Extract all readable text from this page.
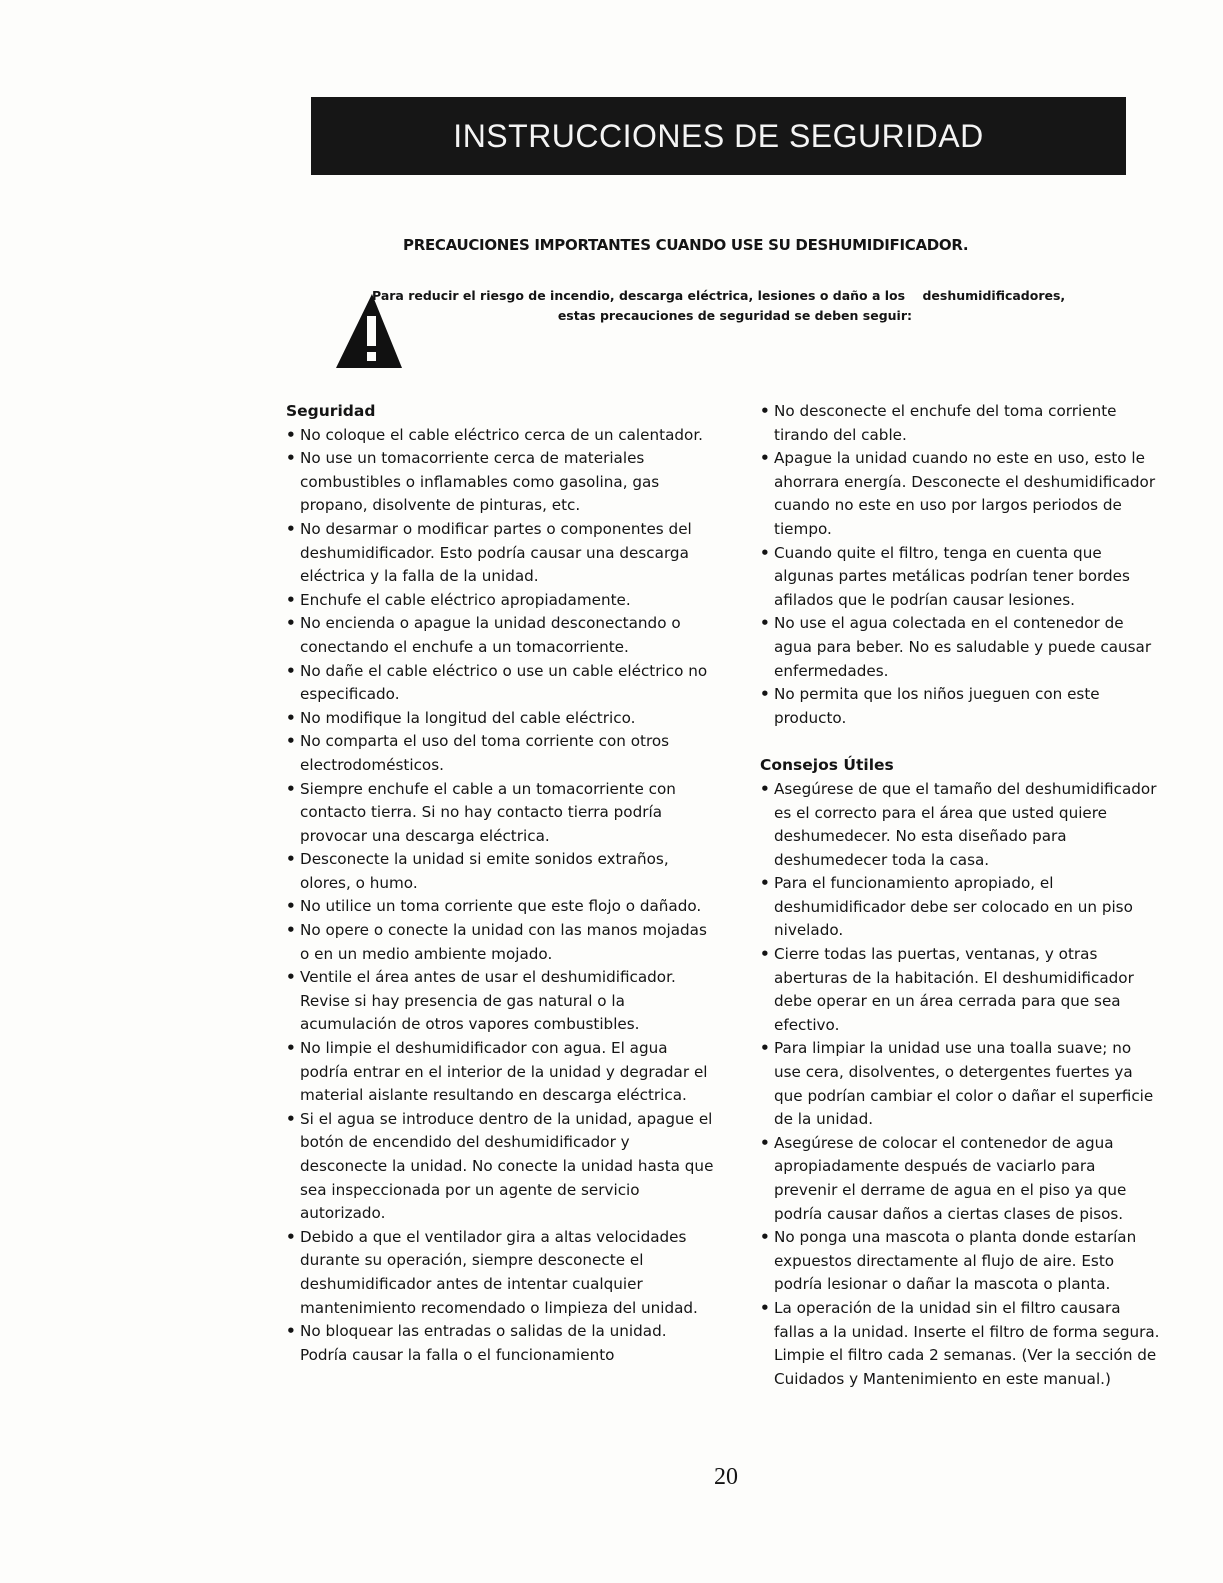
INSTRUCCIONES DE SEGURIDAD
PRECAUCIONES IMPORTANTES CUANDO USE SU DESHUMIDIFICADOR.
Para reducir el riesgo de incendio, descarga eléctrica, lesiones o daño a los    deshumidificadores,
estas precauciones de seguridad se deben seguir:

Seguridad

• No coloque el cable eléctrico cerca de un calentador.
• No use un tomacorriente cerca de materiales combustibles o inflamables como gasolina, gas propano, disolvente de pinturas, etc.
• No desarmar o modificar partes o componentes del deshumidificador. Esto podría causar una descarga eléctrica y la falla de la unidad.
• Enchufe el cable eléctrico apropiadamente.
• No encienda o apague la unidad desconectando o conectando el enchufe a un tomacorriente.
• No dañe el cable eléctrico o use un cable eléctrico no especificado.
• No modifique la longitud del cable eléctrico.
• No comparta el uso del toma corriente con otros electrodomésticos.
• Siempre enchufe el cable a un tomacorriente con contacto tierra. Si no hay contacto tierra podría provocar una descarga eléctrica.
• Desconecte la unidad si emite sonidos extraños, olores, o humo.
• No utilice un toma corriente que este flojo o dañado.
• No opere o conecte la unidad con las manos mojadas o en un medio ambiente mojado.
• Ventile el área antes de usar el deshumidificador. Revise si hay presencia de gas natural o la acumulación de otros vapores combustibles.
• No limpie el deshumidificador con agua. El agua podría entrar en el interior de la unidad y degradar el material aislante resultando en descarga eléctrica.
• Si el agua se introduce dentro de la unidad, apague el botón de encendido del deshumidificador y desconecte la unidad. No conecte la unidad hasta que sea inspeccionada por un agente de servicio autorizado.
• Debido a que el ventilador gira a altas velocidades durante su operación, siempre desconecte el deshumidificador antes de intentar cualquier mantenimiento recomendado o limpieza del unidad.
• No bloquear las entradas o salidas de la unidad. Podría causar la falla o el funcionamiento
• No desconecte el enchufe del toma corriente tirando del cable.
• Apague la unidad cuando no este en uso, esto le ahorrara energía. Desconecte el deshumidificador cuando no este en uso por largos periodos de tiempo.
• Cuando quite el filtro, tenga en cuenta que algunas partes metálicas podrían tener bordes afilados que le podrían causar lesiones.
• No use el agua colectada en el contenedor de agua para beber. No es saludable y puede causar enfermedades.
• No permita que los niños jueguen con este producto.

Consejos Útiles

• Asegúrese de que el tamaño del deshumidificador es el correcto para el área que usted quiere deshumedecer. No esta diseñado para deshumedecer toda la casa.
• Para el funcionamiento apropiado, el deshumidificador debe ser colocado en un piso nivelado.
• Cierre todas las puertas, ventanas, y otras aberturas de la habitación. El deshumidificador debe operar en un área cerrada para que sea efectivo.
• Para limpiar la unidad use una toalla suave; no use cera, disolventes, o detergentes fuertes ya que podrían cambiar el color o dañar el superficie de la unidad.
• Asegúrese de colocar el contenedor de agua apropiadamente después de vaciarlo para prevenir el derrame de agua en el piso ya que podría causar daños a ciertas clases de pisos.
• No ponga una mascota o planta donde estarían expuestos directamente al flujo de aire. Esto podría lesionar o dañar la mascota o planta.
• La operación de la unidad sin el filtro causara fallas a la unidad. Inserte el filtro de forma segura. Limpie el filtro cada 2 semanas. (Ver la sección de Cuidados y Mantenimiento en este manual.)
20
